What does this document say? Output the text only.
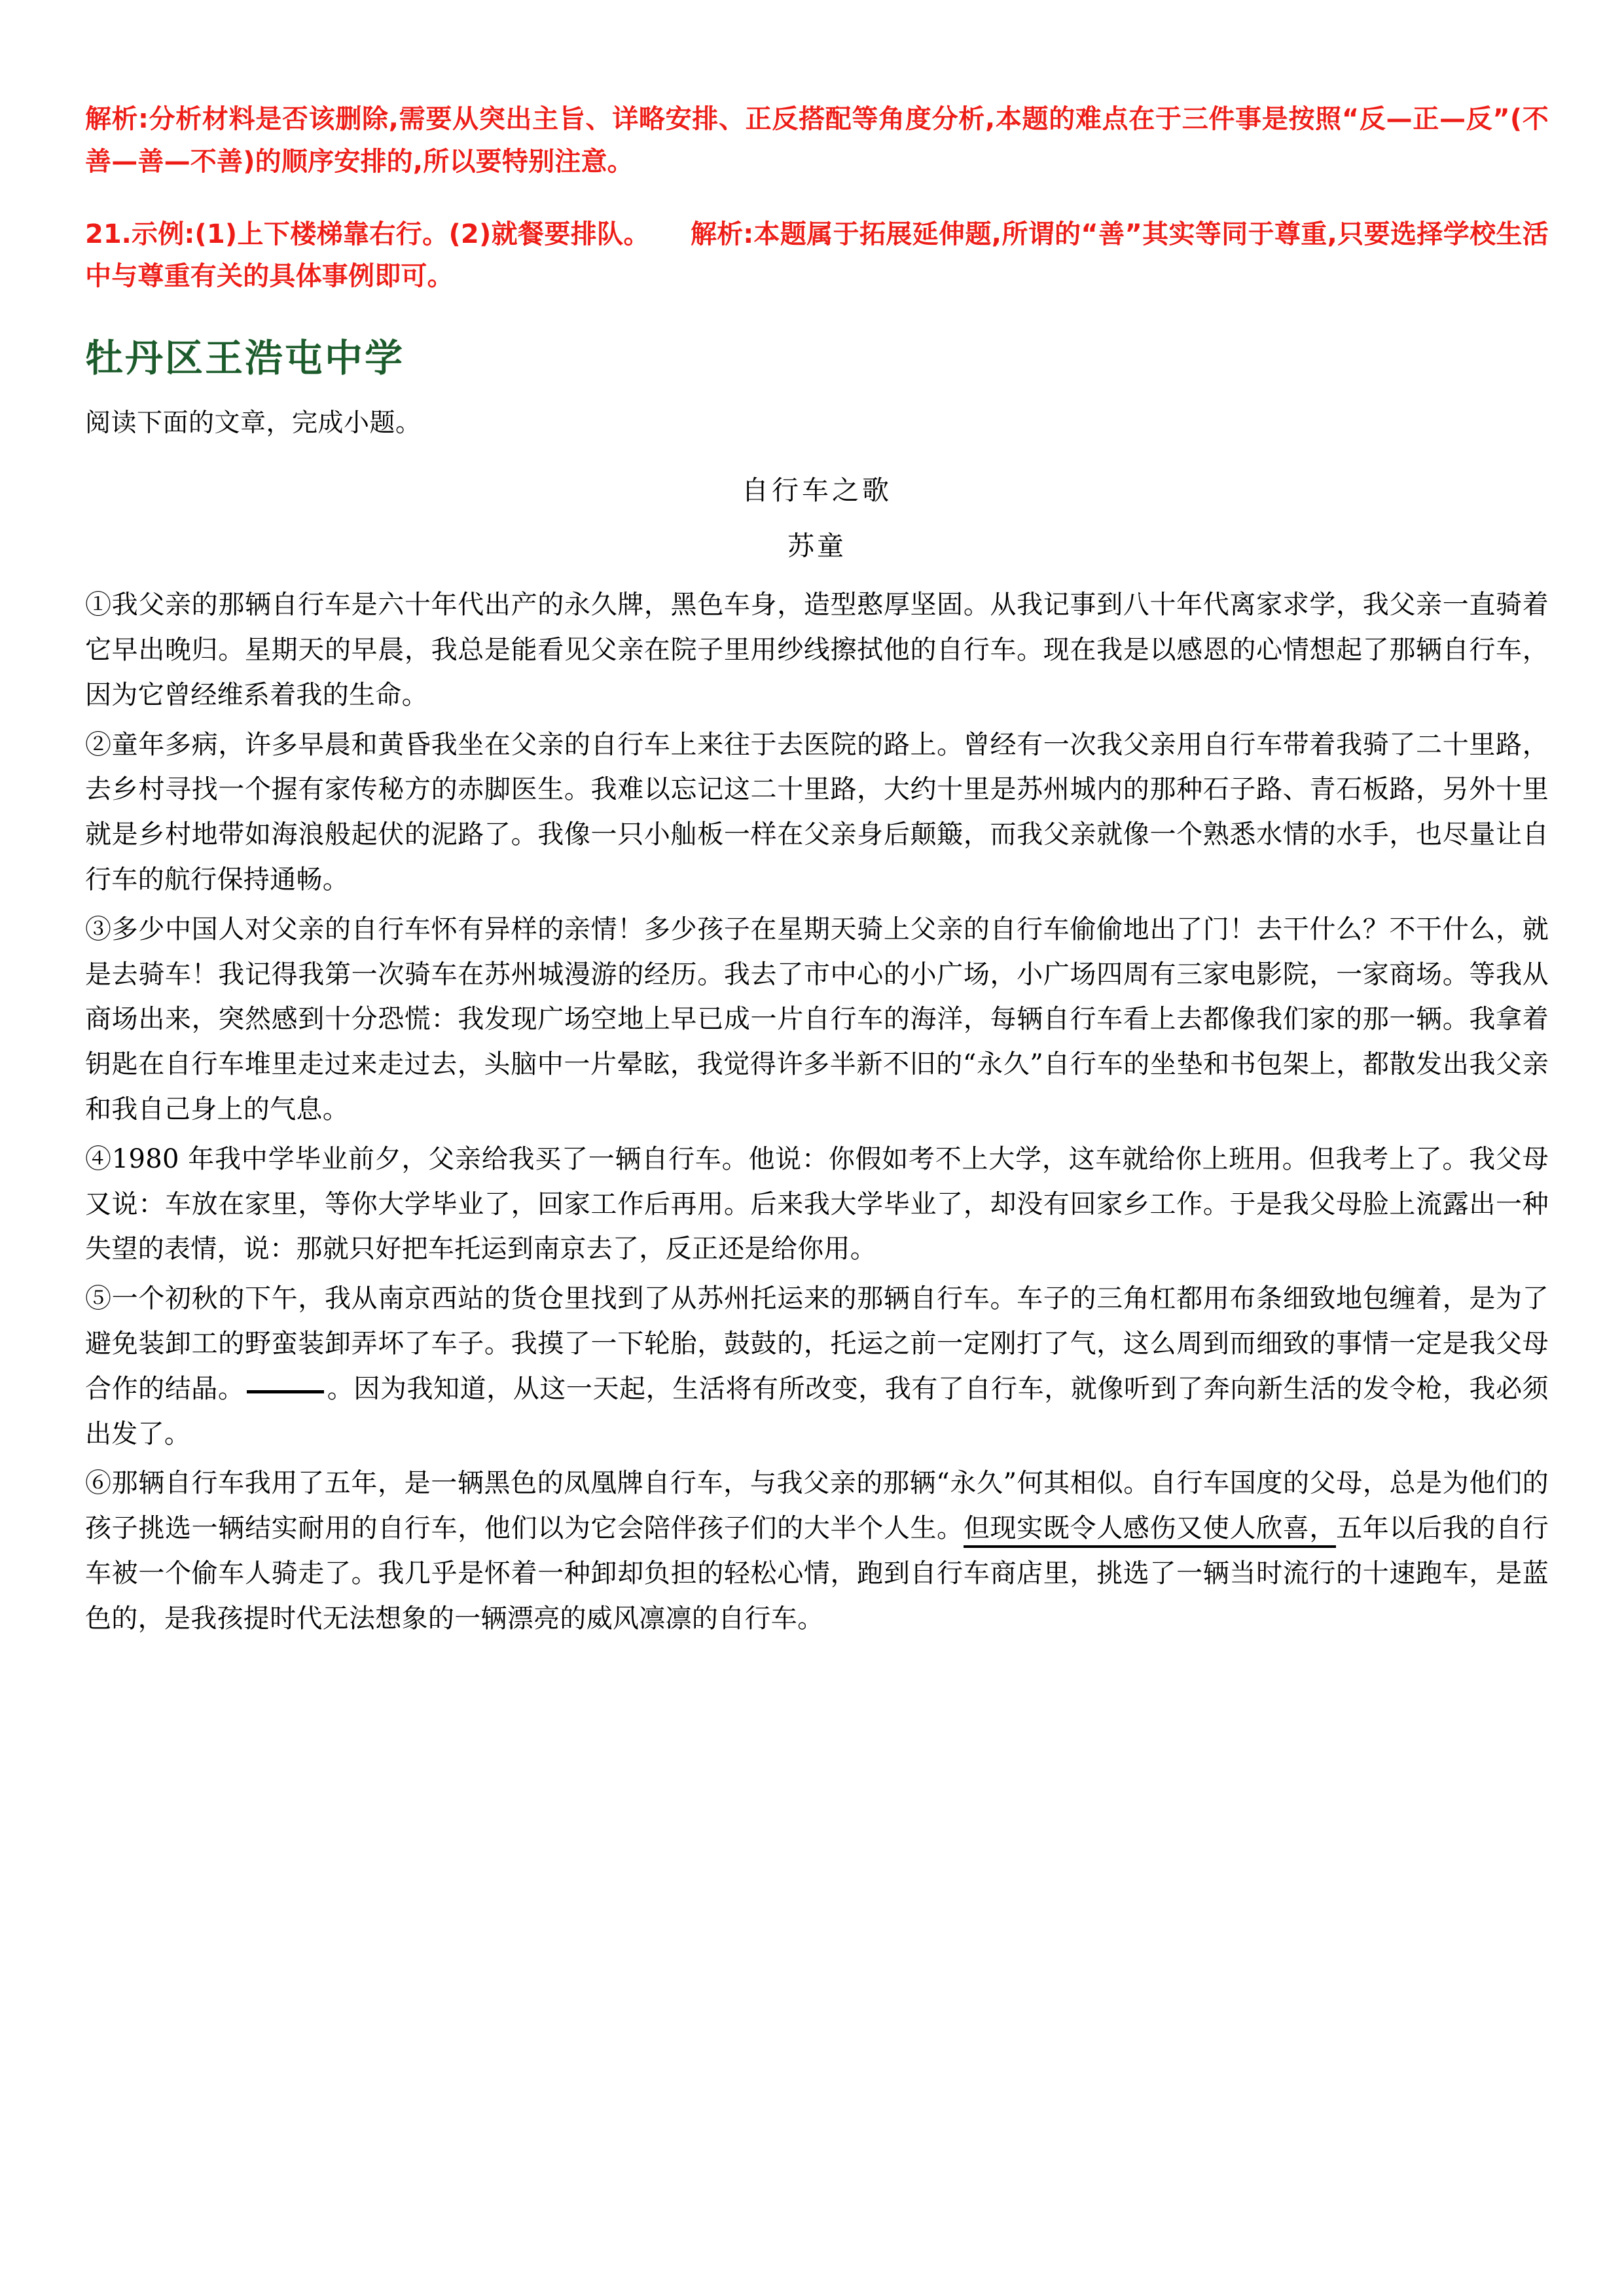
解析:分析材料是否该删除,需要从突出主旨、详略安排、正反搭配等角度分析,本题的难点在于三件事是按照“反—正—反”(不善—善—不善)的顺序安排的,所以要特别注意。

21.示例:(1)上下楼梯靠右行。(2)就餐要排队。 解析:本题属于拓展延伸题,所谓的“善”其实等同于尊重,只要选择学校生活中与尊重有关的具体事例即可。

牡丹区王浩屯中学

阅读下面的文章，完成小题。

自行车之歌

苏童

①我父亲的那辆自行车是六十年代出产的永久牌，黑色车身，造型憨厚坚固。从我记事到八十年代离家求学，我父亲一直骑着它早出晚归。星期天的早晨，我总是能看见父亲在院子里用纱线擦拭他的自行车。现在我是以感恩的心情想起了那辆自行车，因为它曾经维系着我的生命。

②童年多病，许多早晨和黄昏我坐在父亲的自行车上来往于去医院的路上。曾经有一次我父亲用自行车带着我骑了二十里路，去乡村寻找一个握有家传秘方的赤脚医生。我难以忘记这二十里路，大约十里是苏州城内的那种石子路、青石板路，另外十里就是乡村地带如海浪般起伏的泥路了。我像一只小舢板一样在父亲身后颠簸，而我父亲就像一个熟悉水情的水手，也尽量让自行车的航行保持通畅。

③多少中国人对父亲的自行车怀有异样的亲情！多少孩子在星期天骑上父亲的自行车偷偷地出了门！去干什么？不干什么，就是去骑车！我记得我第一次骑车在苏州城漫游的经历。我去了市中心的小广场，小广场四周有三家电影院，一家商场。等我从商场出来，突然感到十分恐慌：我发现广场空地上早已成一片自行车的海洋，每辆自行车看上去都像我们家的那一辆。我拿着钥匙在自行车堆里走过来走过去，头脑中一片晕眩，我觉得许多半新不旧的“永久”自行车的坐垫和书包架上，都散发出我父亲和我自己身上的气息。

④1980 年我中学毕业前夕，父亲给我买了一辆自行车。他说：你假如考不上大学，这车就给你上班用。但我考上了。我父母又说：车放在家里，等你大学毕业了，回家工作后再用。后来我大学毕业了，却没有回家乡工作。于是我父母脸上流露出一种失望的表情，说：那就只好把车托运到南京去了，反正还是给你用。

⑤一个初秋的下午，我从南京西站的货仓里找到了从苏州托运来的那辆自行车。车子的三角杠都用布条细致地包缠着，是为了避免装卸工的野蛮装卸弄坏了车子。我摸了一下轮胎，鼓鼓的，托运之前一定刚打了气，这么周到而细致的事情一定是我父母合作的结晶。	。因为我知道，从这一天起，生活将有所改变，我有了自行车，就像听到了奔向新生活的发令枪，我必须出发了。

⑥那辆自行车我用了五年，是一辆黑色的凤凰牌自行车，与我父亲的那辆“永久”何其相似。自行车国度的父母，总是为他们的孩子挑选一辆结实耐用的自行车，他们以为它会陪伴孩子们的大半个人生。但现实既令人感伤又使人欣喜，五年以后我的自行车被一个偷车人骑走了。我几乎是怀着一种卸却负担的轻松心情，跑到自行车商店里，挑选了一辆当时流行的十速跑车，是蓝色的，是我孩提时代无法想象的一辆漂亮的威风凛凛的自行车。
